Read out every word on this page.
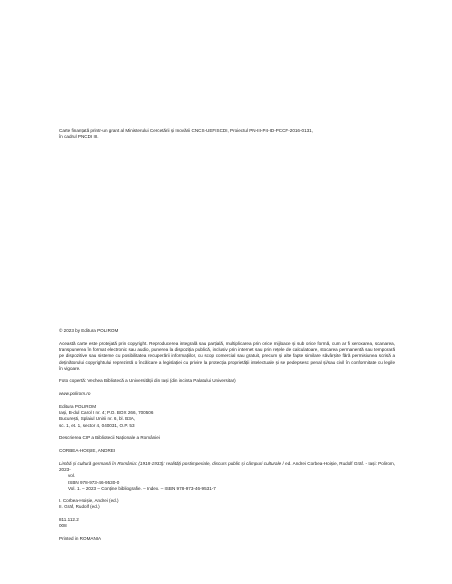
Carte finanțată printr-un grant al Ministerului Cercetării și Inovării CNCS-UEFISCDI, Proiectul PN-III-P4-ID-PCCF-2016-0131,

în cadrul PNCDI III.

© 2023 by Editura POLIROM

Această carte este protejată prin copyright. Reproducerea integrală sau parțială, multiplicarea prin orice mijloace și sub orice formă, cum ar fi xeroxarea, scanarea, transpunerea în format electronic sau audio, punerea la dispoziția publică, inclusiv prin internet sau prin rețele de calculatoare, stocarea permanentă sau temporară pe dispozitive sau sisteme cu posibilitatea recuperării informațiilor, cu scop comercial sau gratuit, precum și alte fapte similare săvârșite fără permisiunea scrisă a deținătorului copyrightului reprezintă o încălcare a legislației cu privire la protecția proprietății intelectuale și se pedepsesc penal și/sau civil în conformitate cu legile în vigoare.

Foto copertă: Vechea Bibliotecă a Universității din Iași (din incinta Palatului Universitar)

www.polirom.ro

Editura POLIROM

Iași, B-dul Carol I nr. 4; P.O. BOX 266, 700506

București, Splaiul Unirii nr. 6, bl. B3A,

sc. 1, et. 1, sector 4, 040031, O.P. 53

Descrierea CIP a Bibliotecii Naționale a României

CORBEA-HOIȘIE, ANDREI

Limbă și cultură germană în România: (1918-1933): realități postimperiale, discurs public și câmpuri culturale / ed. Andrei Corbea-Hoișie, Rudolf Gräf. - Iași: Polirom, 2023-

vol.

ISBN 978-973-46-9530-0

Vol. 1. – 2023 – Conține bibliografie. – Index. – ISBN 978-973-46-9531-7

I. Corbea-Hoișie, Andrei (ed.)

II. Gräf, Rudolf (ed.)

811.112.2

008

Printed in ROMANIA
